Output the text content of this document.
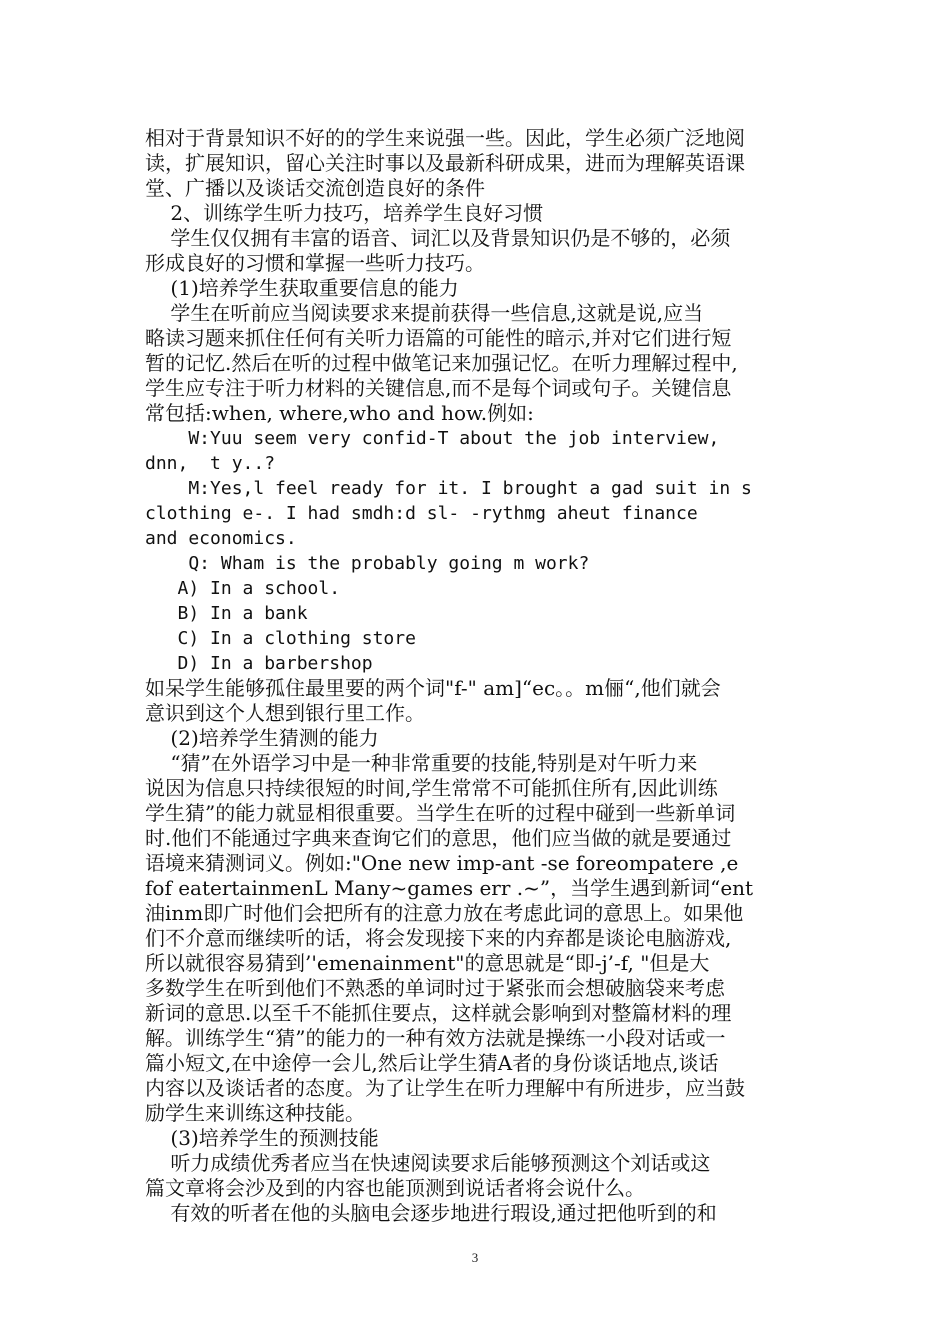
相对于背景知识不好的的学生来说强一些。因此，学生必须广泛地阅
读，扩展知识，留心关注时事以及最新科研成果，进而为理解英语课
堂、广播以及谈话交流创造良好的条件
2、训练学生听力技巧，培养学生良好习惯
学生仅仅拥有丰富的语音、词汇以及背景知识仍是不够的，必须
形成良好的习惯和掌握一些听力技巧。
(1)培养学生获取重要信息的能力
学生在听前应当阅读要求来提前获得一些信息,这就是说,应当
略读习题来抓住任何有关听力语篇的可能性的暗示,并对它们进行短
暂的记忆.然后在听的过程中做笔记来加强记忆。在听力理解过程中,
学生应专注于听力材料的关键信息,而不是每个词或句子。关键信息
常包括:when, where,who and how.例如:
W:Yuu seem very confid-T about the job interview,
dnn,  t y..?
M:Yes,l feel ready for it. I brought a gad suit in s
clothing e-. I had smdh:d sl- -rythmg aheut finance
and economics.
Q: Wham is the probably going m work?
A) In a school.
B) In a bank
C) In a clothing store
D) In a barbershop
如呆学生能够孤住最里要的两个词"f-" am]“ec。。m俪“,他们就会
意识到这个人想到银行里工作。
(2)培养学生猜测的能力
“猜”在外语学习中是一种非常重要的技能,特别是对午听力来
说因为信息只持续很短的时间,学生常常不可能抓住所有,因此训练
学生猜”的能力就显相很重要。当学生在听的过程中碰到一些新单词
时.他们不能通过字典来查询它们的意思，他们应当做的就是要通过
语境来猜测词义。例如:"One new imp-ant -se foreompatere ,e
fof eatertainmenL Many~games err .~”，当学生遇到新词“ent
油inm即广时他们会把所有的注意力放在考虑此词的意思上。如果他
们不介意而继续听的话，将会发现接下来的内弃都是谈论电脑游戏,
所以就很容易猜到’'emenainment"的意思就是“即-j’-f, "但是大
多数学生在听到他们不熟悉的单词时过于紧张而会想破脑袋来考虑
新词的意思.以至千不能抓住要点，这样就会影响到对整篇材料的理
解。训练学生“猜”的能力的一种有效方法就是操练一小段对话或一
篇小短文,在中途停一会儿,然后让学生猜A者的身份谈话地点,谈话
内容以及谈话者的态度。为了让学生在听力理解中有所进步，应当鼓
励学生来训练这种技能。
(3)培养学生的预测技能
听力成绩优秀者应当在快速阅读要求后能够预测这个刘话或这
篇文章将会沙及到的内容也能顶测到说话者将会说什么。
有效的听者在他的头脑电会逐步地进行瑕设,通过把他听到的和
3
